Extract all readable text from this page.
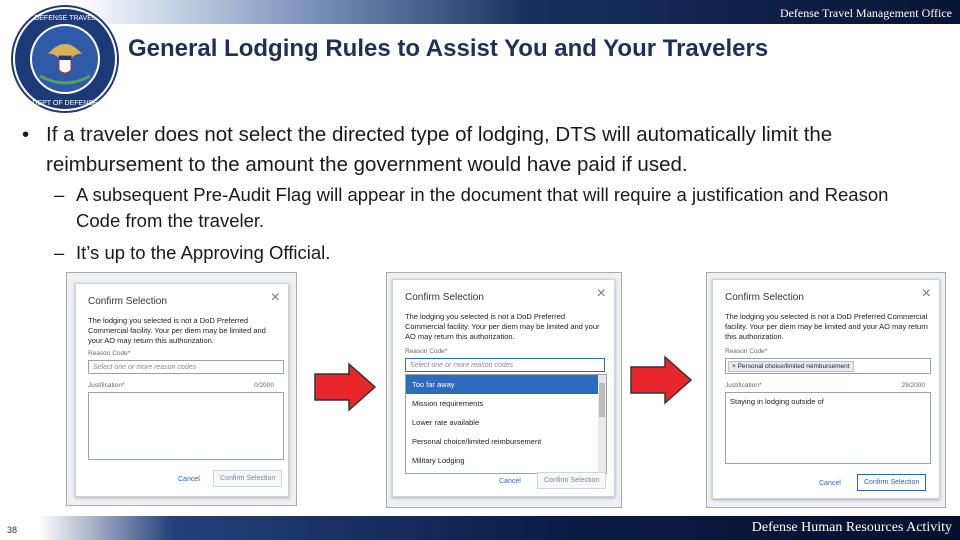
Defense Travel Management Office
DEFENSE TRAVEL
DEPT OF DEFENSE
General Lodging Rules to Assist You and Your Travelers
• If a traveler does not select the directed type of lodging, DTS will automatically limit the reimbursement to the amount the government would have paid if used.
– A subsequent Pre-Audit Flag will appear in the document that will require a justification and Reason Code from the traveler.
– It’s up to the Approving Official.
Confirm Selection	×
The lodging you selected is not a DoD Preferred Commercial facility. Your per diem may be limited and your AO may return this authorization.
Reason Code*
Select one or more reason codes
Justification*	0/2000
Cancel	Confirm Selection
Confirm Selection	×
The lodging you selected is not a DoD Preferred Commercial facility. Your per diem may be limited and your AO may return this authorization.
Reason Code*
Select one or more reason codes
Too far away
Mission requirements
Lower rate available
Personal choice/limited reimbursement
Military Lodging
Cancel	Confirm Selection
Confirm Selection	×
The lodging you selected is not a DoD Preferred Commercial facility. Your per diem may be limited and your AO may return this authorization.
Reason Code*
× Personal choice/limited reimbursement
Justification*	29/2000
Staying in lodging outside of
Cancel	Confirm Selection
Defense Human Resources Activity
38
